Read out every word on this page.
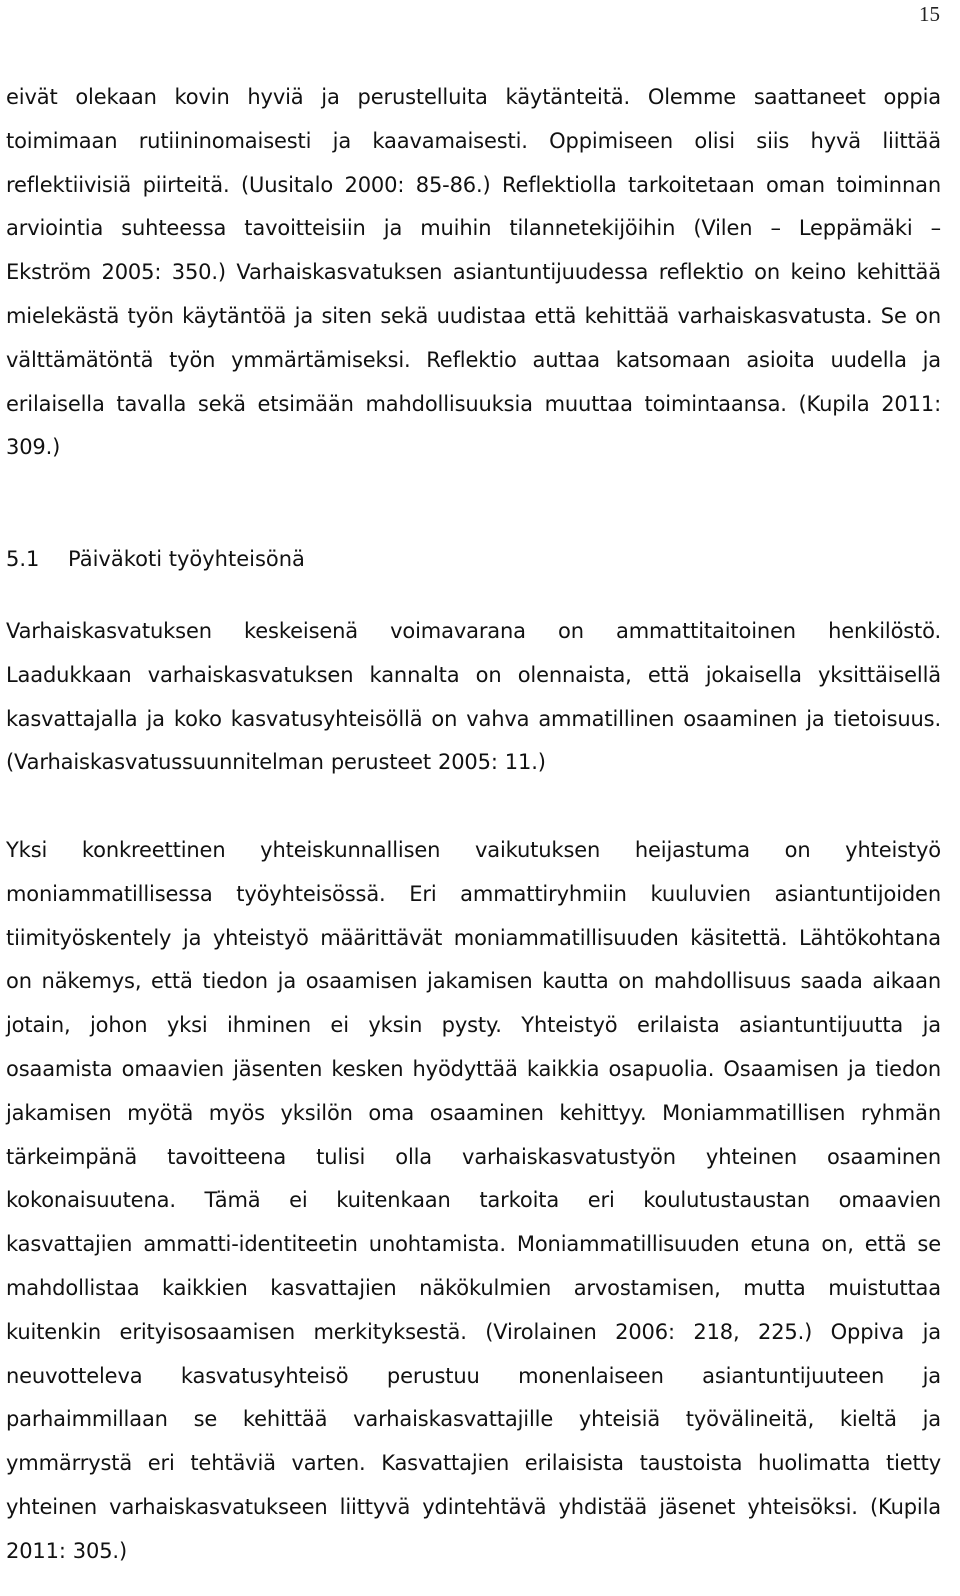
15
eivät olekaan kovin hyviä ja perustelluita käytänteitä. Olemme saattaneet oppia
toimimaan rutiininomaisesti ja kaavamaisesti. Oppimiseen olisi siis hyvä liittää
reflektiivisiä piirteitä. (Uusitalo 2000: 85-86.) Reflektiolla tarkoitetaan oman toiminnan
arviointia suhteessa tavoitteisiin ja muihin tilannetekijöihin (Vilen – Leppämäki –
Ekström 2005: 350.) Varhaiskasvatuksen asiantuntijuudessa reflektio on keino kehittää
mielekästä työn käytäntöä ja siten sekä uudistaa että kehittää varhaiskasvatusta. Se on
välttämätöntä työn ymmärtämiseksi. Reflektio auttaa katsomaan asioita uudella ja
erilaisella tavalla sekä etsimään mahdollisuuksia muuttaa toimintaansa. (Kupila 2011:
309.)
5.1 Päiväkoti työyhteisönä
Varhaiskasvatuksen keskeisenä voimavarana on ammattitaitoinen henkilöstö.
Laadukkaan varhaiskasvatuksen kannalta on olennaista, että jokaisella yksittäisellä
kasvattajalla ja koko kasvatusyhteisöllä on vahva ammatillinen osaaminen ja tietoisuus.
(Varhaiskasvatussuunnitelman perusteet 2005: 11.)
Yksi konkreettinen yhteiskunnallisen vaikutuksen heijastuma on yhteistyö
moniammatillisessa työyhteisössä. Eri ammattiryhmiin kuuluvien asiantuntijoiden
tiimityöskentely ja yhteistyö määrittävät moniammatillisuuden käsitettä. Lähtökohtana
on näkemys, että tiedon ja osaamisen jakamisen kautta on mahdollisuus saada aikaan
jotain, johon yksi ihminen ei yksin pysty. Yhteistyö erilaista asiantuntijuutta ja
osaamista omaavien jäsenten kesken hyödyttää kaikkia osapuolia. Osaamisen ja tiedon
jakamisen myötä myös yksilön oma osaaminen kehittyy. Moniammatillisen ryhmän
tärkeimpänä tavoitteena tulisi olla varhaiskasvatustyön yhteinen osaaminen
kokonaisuutena. Tämä ei kuitenkaan tarkoita eri koulutustaustan omaavien
kasvattajien ammatti-identiteetin unohtamista. Moniammatillisuuden etuna on, että se
mahdollistaa kaikkien kasvattajien näkökulmien arvostamisen, mutta muistuttaa
kuitenkin erityisosaamisen merkityksestä. (Virolainen 2006: 218, 225.) Oppiva ja
neuvotteleva kasvatusyhteisö perustuu monenlaiseen asiantuntijuuteen ja
parhaimmillaan se kehittää varhaiskasvattajille yhteisiä työvälineitä, kieltä ja
ymmärrystä eri tehtäviä varten. Kasvattajien erilaisista taustoista huolimatta tietty
yhteinen varhaiskasvatukseen liittyvä ydintehtävä yhdistää jäsenet yhteisöksi. (Kupila
2011: 305.)
